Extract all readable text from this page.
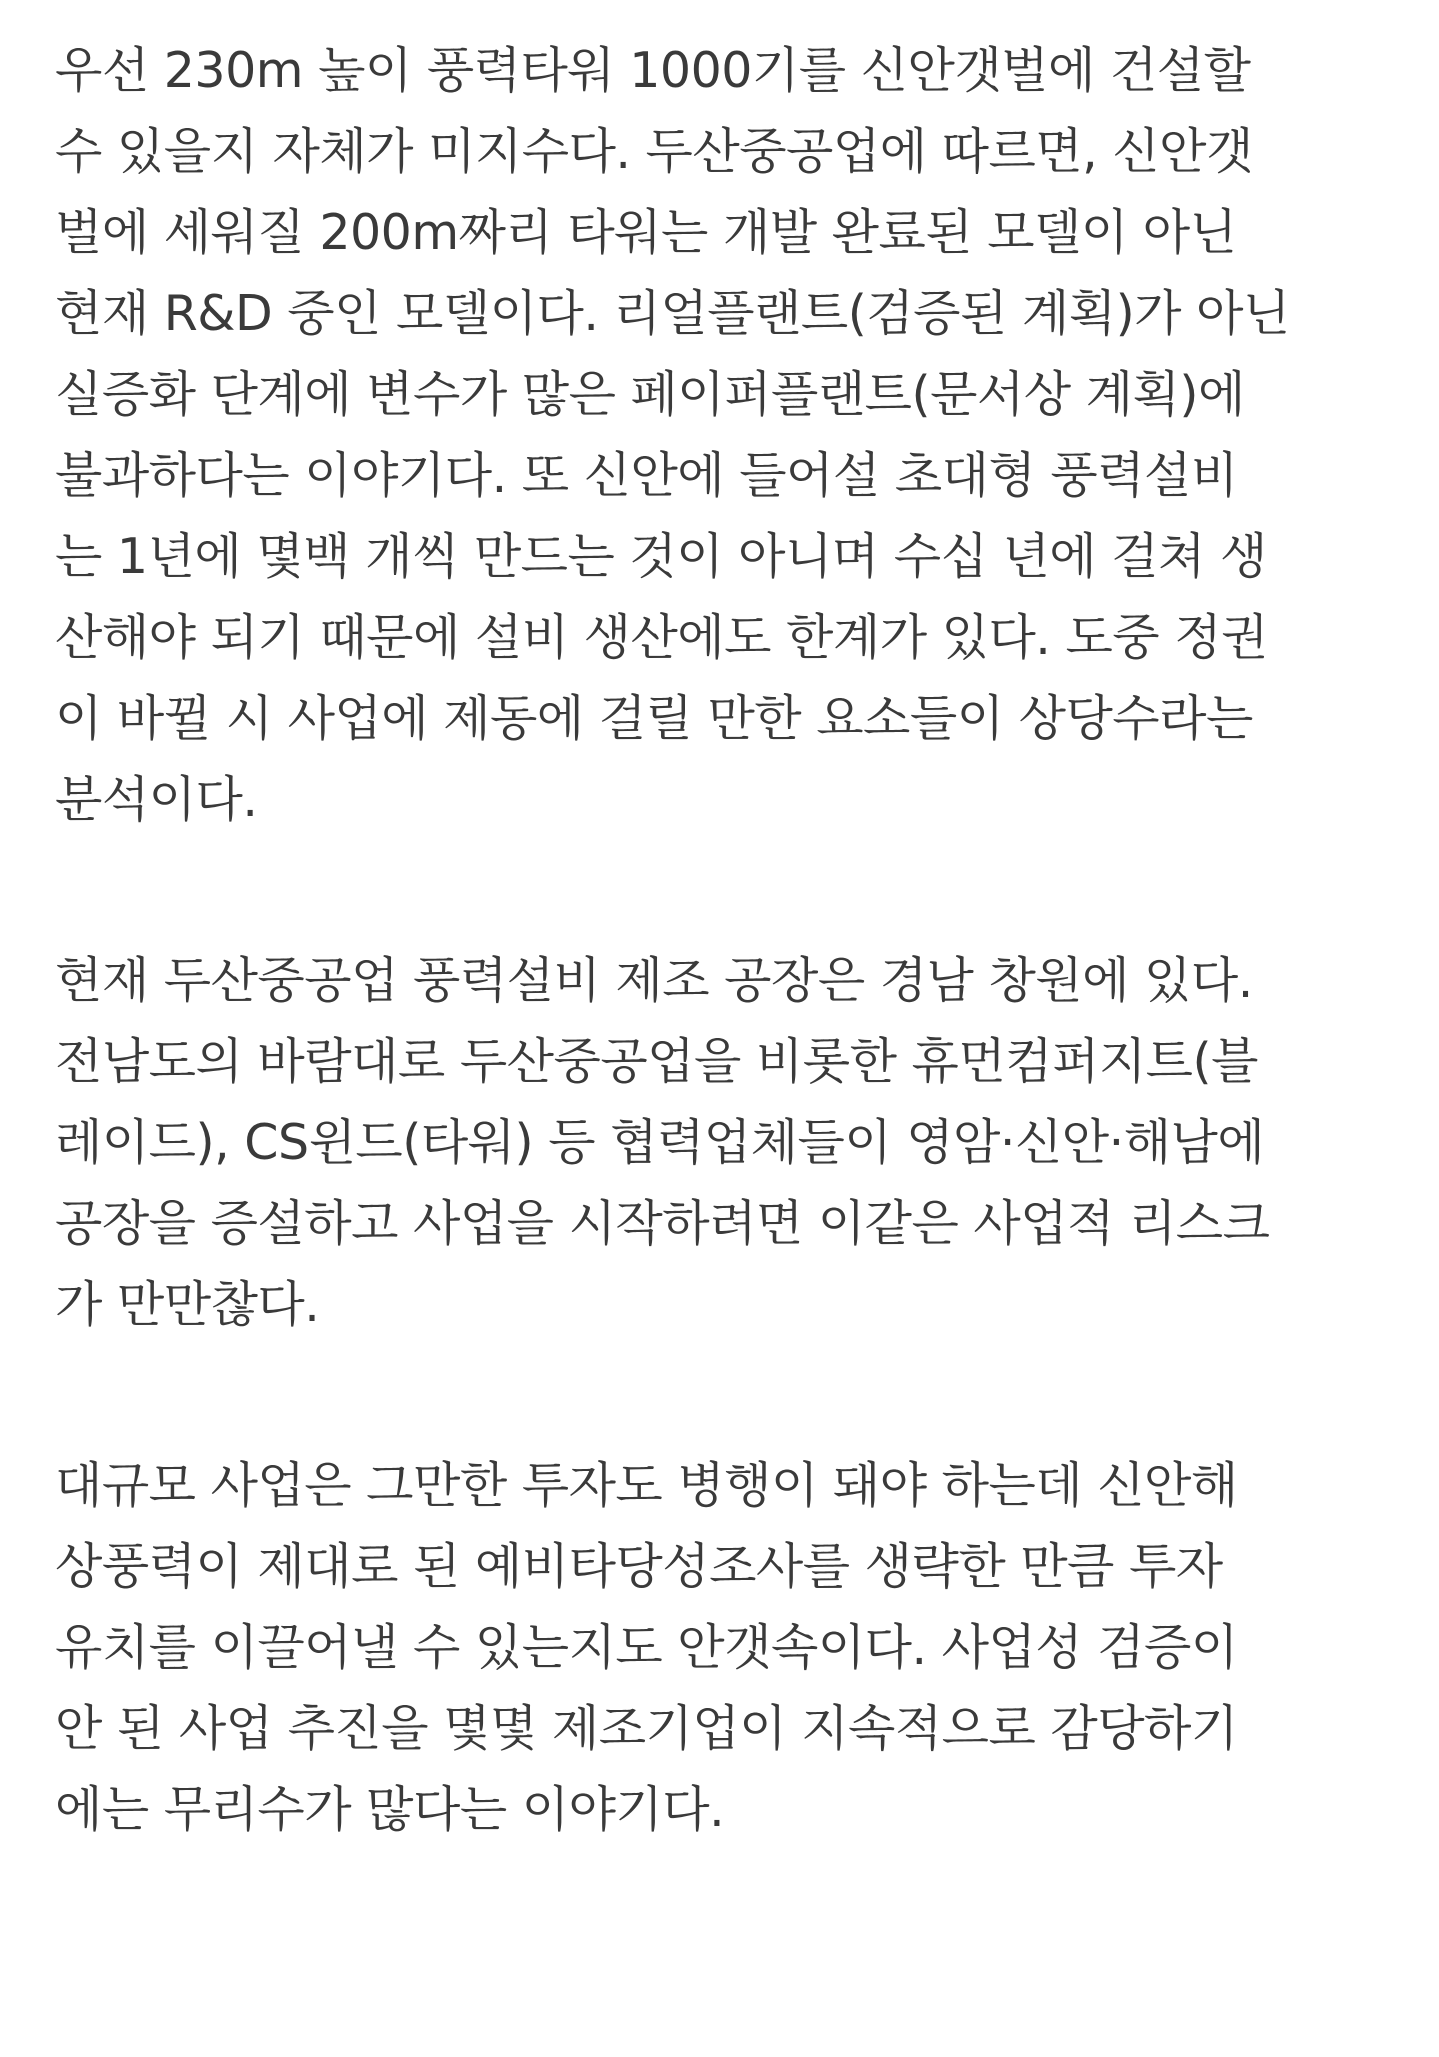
우선 230m 높이 풍력타워 1000기를 신안갯벌에 건설할
수 있을지 자체가 미지수다. 두산중공업에 따르면, 신안갯
벌에 세워질 200m짜리 타워는 개발 완료된 모델이 아닌
현재 R&D 중인 모델이다. 리얼플랜트(검증된 계획)가 아닌
실증화 단계에 변수가 많은 페이퍼플랜트(문서상 계획)에
불과하다는 이야기다. 또 신안에 들어설 초대형 풍력설비
는 1년에 몇백 개씩 만드는 것이 아니며 수십 년에 걸쳐 생
산해야 되기 때문에 설비 생산에도 한계가 있다. 도중 정권
이 바뀔 시 사업에 제동에 걸릴 만한 요소들이 상당수라는
분석이다.
현재 두산중공업 풍력설비 제조 공장은 경남 창원에 있다.
전남도의 바람대로 두산중공업을 비롯한 휴먼컴퍼지트(블
레이드), CS윈드(타워) 등 협력업체들이 영암·신안·해남에
공장을 증설하고 사업을 시작하려면 이같은 사업적 리스크
가 만만찮다.
대규모 사업은 그만한 투자도 병행이 돼야 하는데 신안해
상풍력이 제대로 된 예비타당성조사를 생략한 만큼 투자
유치를 이끌어낼 수 있는지도 안갯속이다. 사업성 검증이
안 된 사업 추진을 몇몇 제조기업이 지속적으로 감당하기
에는 무리수가 많다는 이야기다.
